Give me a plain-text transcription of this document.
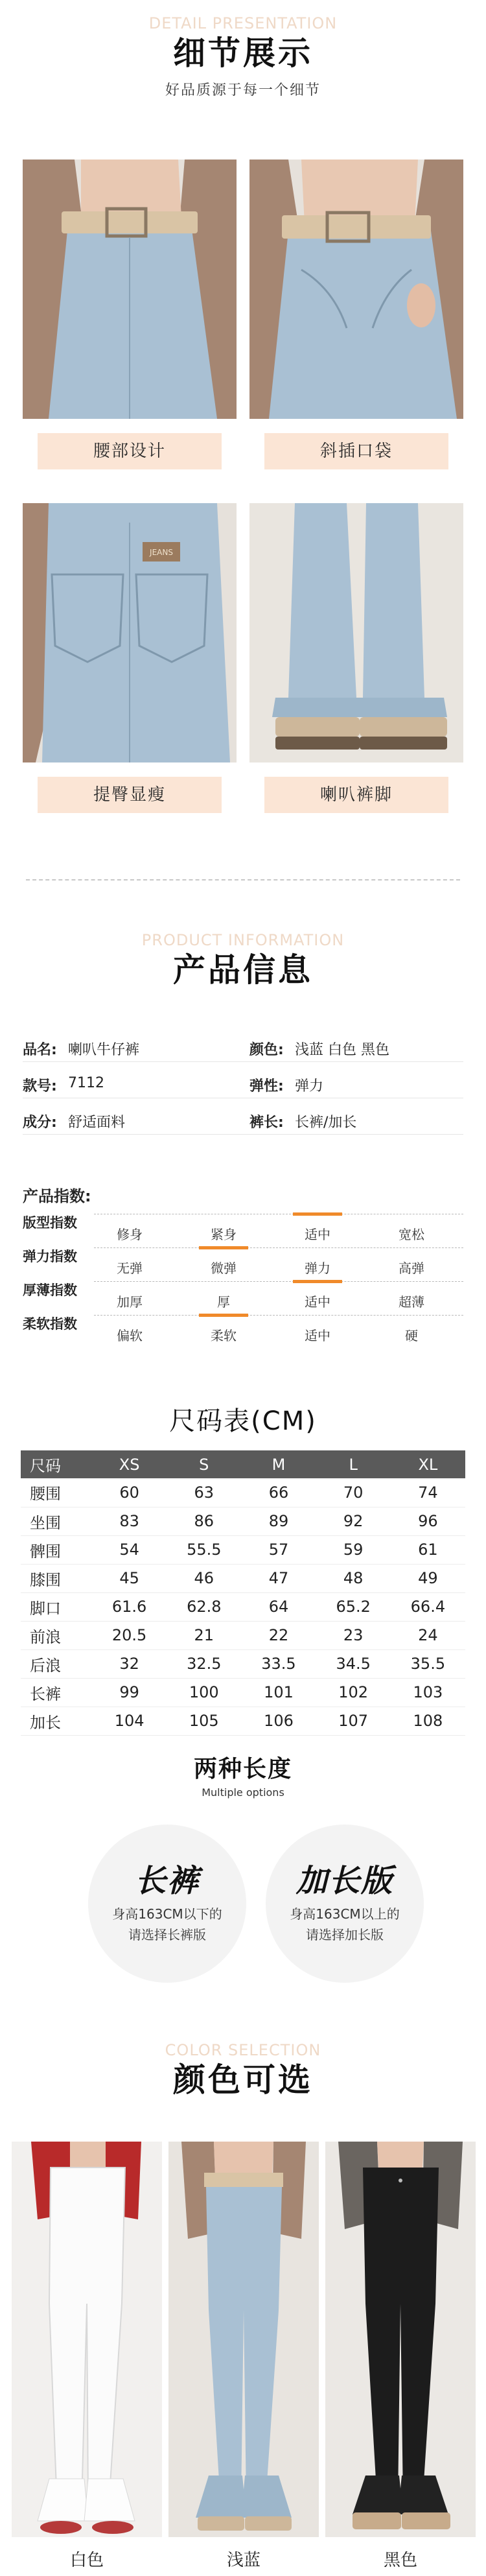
DETAIL PRESENTATION
细节展示
好品质源于每一个细节
腰部设计	斜插口袋
JEANS
提臀显瘦	喇叭裤脚
PRODUCT INFORMATION
产品信息
品名: 喇叭牛仔裤	颜色: 浅蓝 白色 黑色
款号: 7112	弹性: 弹力
成分: 舒适面料	裤长: 长裤/加长
产品指数:
版型指数
修身	紧身	适中	宽松
弹力指数
无弹	微弹	弹力	高弹
厚薄指数
加厚	厚	适中	超薄
柔软指数
偏软	柔软	适中	硬
尺码表(CM)
尺码	XS	S	M	L	XL
腰围	60	63	66	70	74
坐围	83	86	89	92	96
髀围	54	55.5	57	59	61
膝围	45	46	47	48	49
脚口	61.6	62.8	64	65.2	66.4
前浪	20.5	21	22	23	24
后浪	32	32.5	33.5	34.5	35.5
长裤	99	100	101	102	103
加长	104	105	106	107	108
两种长度
Multiple options
长裤
身高163CM以下的
请选择长裤版
加长版
身高163CM以上的
请选择加长版
COLOR SELECTION
颜色可选
白色	浅蓝	黑色
